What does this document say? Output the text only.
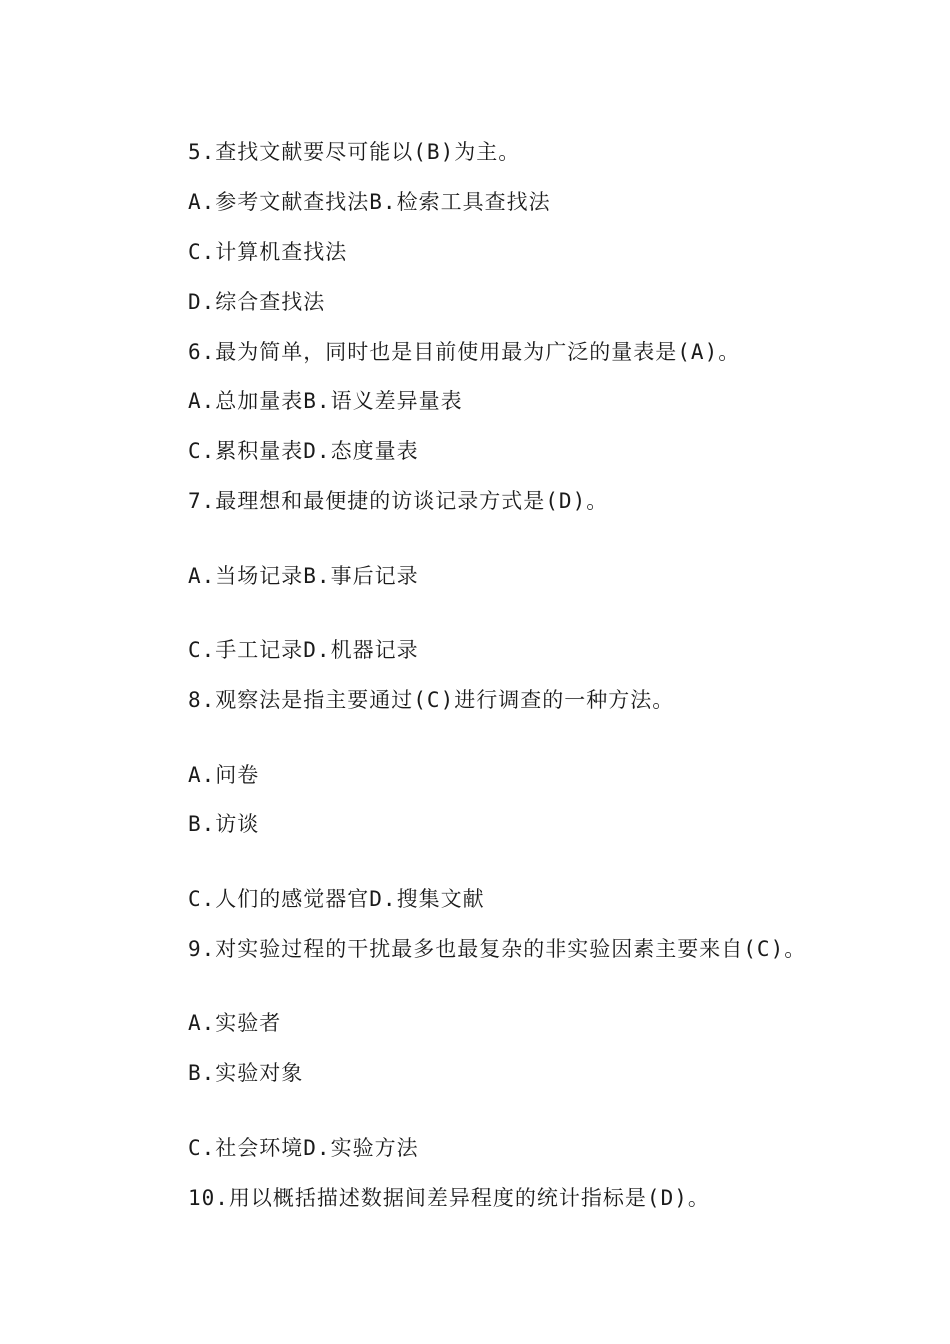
5.查找文献要尽可能以(B)为主。
A.参考文献查找法B.检索工具查找法
C.计算机查找法
D.综合查找法
6.最为简单，同时也是目前使用最为广泛的量表是(A)。
A.总加量表B.语义差异量表
C.累积量表D.态度量表
7.最理想和最便捷的访谈记录方式是(D)。
A.当场记录B.事后记录
C.手工记录D.机器记录
8.观察法是指主要通过(C)进行调查的一种方法。
A.问卷
B.访谈
C.人们的感觉器官D.搜集文献
9.对实验过程的干扰最多也最复杂的非实验因素主要来自(C)。
A.实验者
B.实验对象
C.社会环境D.实验方法
10.用以概括描述数据间差异程度的统计指标是(D)。
